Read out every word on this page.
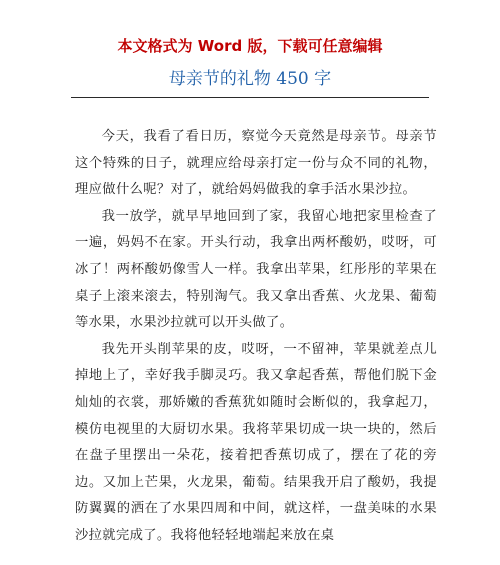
本文格式为 Word 版，下载可任意编辑
母亲节的礼物 450 字

今天，我看了看日历，察觉今天竟然是母亲节。母亲节这个特殊的日子，就理应给母亲打定一份与众不同的礼物，理应做什么呢？对了，就给妈妈做我的拿手活水果沙拉。

我一放学，就早早地回到了家，我留心地把家里检查了一遍，妈妈不在家。开头行动，我拿出两杯酸奶，哎呀，可冰了！两杯酸奶像雪人一样。我拿出苹果，红彤彤的苹果在桌子上滚来滚去，特别淘气。我又拿出香蕉、火龙果、葡萄等水果，水果沙拉就可以开头做了。

我先开头削苹果的皮，哎呀，一不留神，苹果就差点儿掉地上了，幸好我手脚灵巧。我又拿起香蕉，帮他们脱下金灿灿的衣裳，那娇嫩的香蕉犹如随时会断似的，我拿起刀，模仿电视里的大厨切水果。我将苹果切成一块一块的，然后在盘子里摆出一朵花，接着把香蕉切成了，摆在了花的旁边。又加上芒果，火龙果，葡萄。结果我开启了酸奶，我提防翼翼的洒在了水果四周和中间，就这样，一盘美味的水果沙拉就完成了。我将他轻轻地端起来放在桌
